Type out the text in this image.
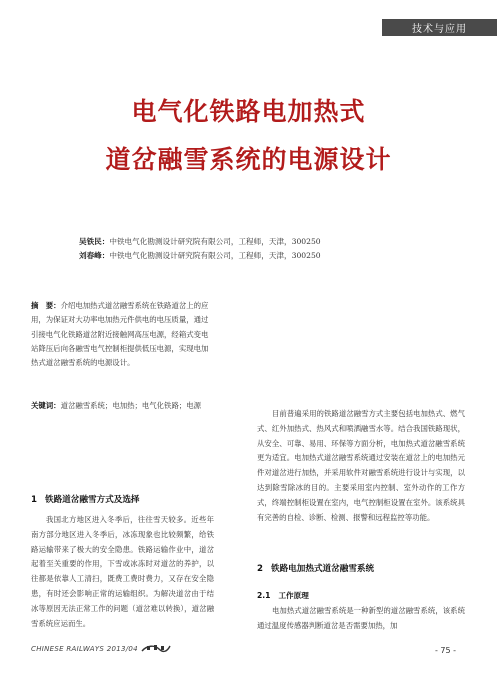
技术与应用
电气化铁路电加热式
道岔融雪系统的电源设计
吴铁民：中铁电气化勘测设计研究院有限公司，工程师，天津，300250
刘春峰：中铁电气化勘测设计研究院有限公司，工程师，天津，300250
摘　要：介绍电加热式道岔融雪系统在铁路道岔上的应用，为保证对大功率电加热元件供电的电压质量，通过引接电气化铁路道岔附近接触网高压电源，经箱式变电站降压后向各融雪电气控制柜提供低压电源，实现电加热式道岔融雪系统的电源设计。
关键词：道岔融雪系统；电加热；电气化铁路；电源
1 铁路道岔融雪方式及选择
我国北方地区进入冬季后，往往雪天较多。近些年南方部分地区进入冬季后，冰冻现象也比较频繁，给铁路运输带来了极大的安全隐患。铁路运输作业中，道岔起着至关重要的作用，下雪或冰冻时对道岔的养护，以往都是依靠人工清扫，既费工费时费力，又存在安全隐患，有时还会影响正常的运输组织。为解决道岔由于结冰等原因无法正常工作的问题（道岔难以转换），道岔融雪系统应运而生。
目前普遍采用的铁路道岔融雪方式主要包括电加热式、燃气式、红外加热式、热风式和喷洒融雪水等。结合我国铁路现状，从安全、可靠、易用、环保等方面分析，电加热式道岔融雪系统更为适宜。电加热式道岔融雪系统通过安装在道岔上的电加热元件对道岔进行加热，并采用软件对融雪系统进行设计与实现，以达到除雪除冰的目的。主要采用室内控制、室外动作的工作方式，终端控制柜设置在室内，电气控制柜设置在室外。该系统具有完善的自检、诊断、检测、报警和远程监控等功能。
2 铁路电加热式道岔融雪系统
2.1 工作原理
电加热式道岔融雪系统是一种新型的道岔融雪系统，该系统通过温度传感器判断道岔是否需要加热，加
CHINESE RAILWAYS 2013/04	- 75 -
